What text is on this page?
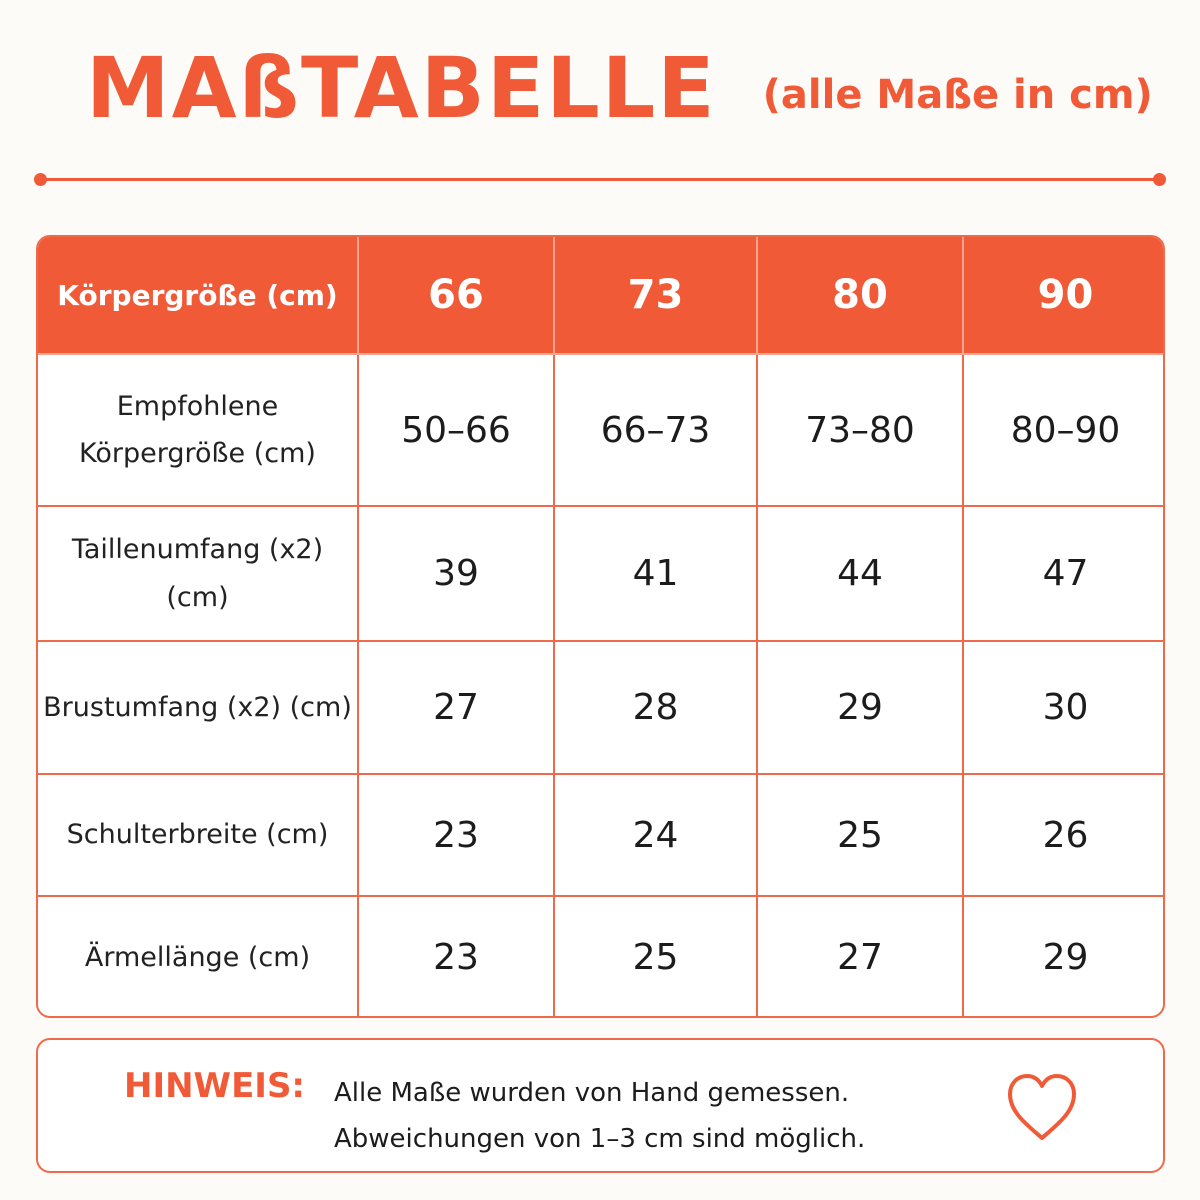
MAßTABELLE (alle Maße in cm)
Körpergröße (cm)	66	73	80	90

Empfohlene
Körpergröße (cm)	50–66	66–73	73–80	80–90
Taillenumfang (x2) (cm)	39	41	44	47
Brustumfang (x2) (cm)	27	28	29	30
Schulterbreite (cm)	23	24	25	26
Ärmellänge (cm)	23	25	27	29
HINWEIS: Alle Maße wurden von Hand gemessen.
Abweichungen von 1–3 cm sind möglich.
